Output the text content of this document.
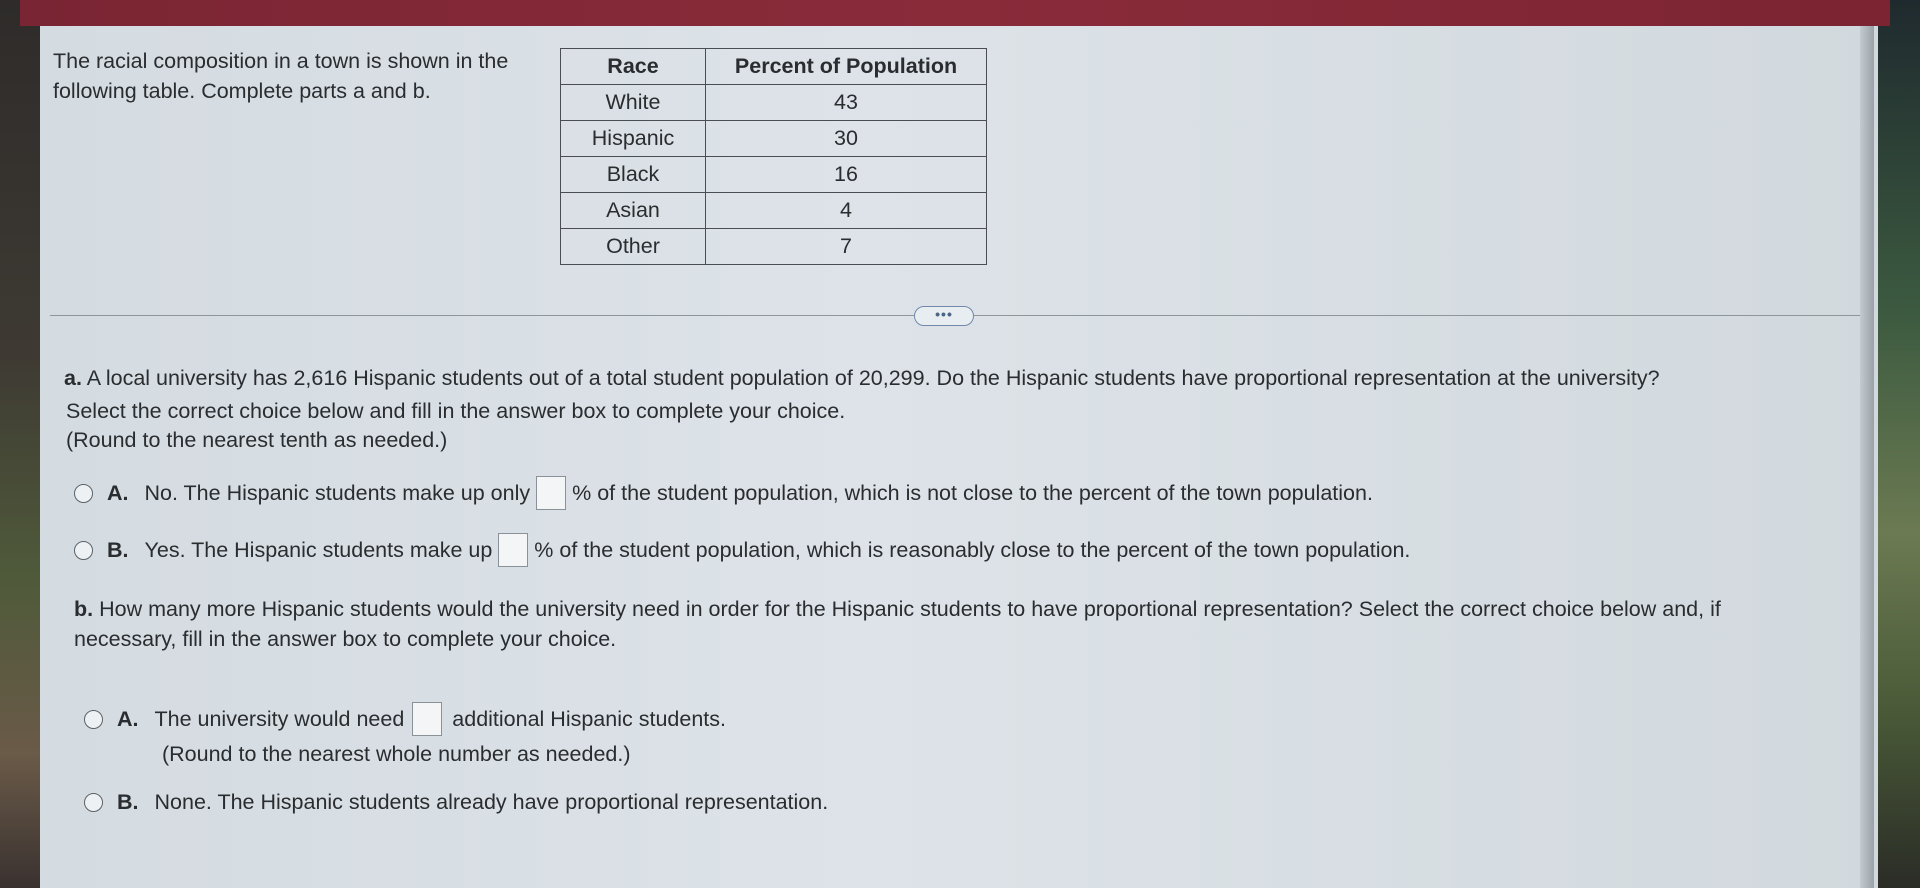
The racial composition in a town is shown in the following table. Complete parts a and b.
Race	Percent of Population
White	43
Hispanic	30
Black	16
Asian	4
Other	7
•••
a. A local university has 2,616 Hispanic students out of a total student population of 20,299. Do the Hispanic students have proportional representation at the university?
Select the correct choice below and fill in the answer box to complete your choice.
(Round to the nearest tenth as needed.)
A. No. The Hispanic students make up only % of the student population, which is not close to the percent of the town population.
B. Yes. The Hispanic students make up % of the student population, which is reasonably close to the percent of the town population.
b. How many more Hispanic students would the university need in order for the Hispanic students to have proportional representation? Select the correct choice below and, if necessary, fill in the answer box to complete your choice.
A. The university would need additional Hispanic students.
(Round to the nearest whole number as needed.)
B. None. The Hispanic students already have proportional representation.
